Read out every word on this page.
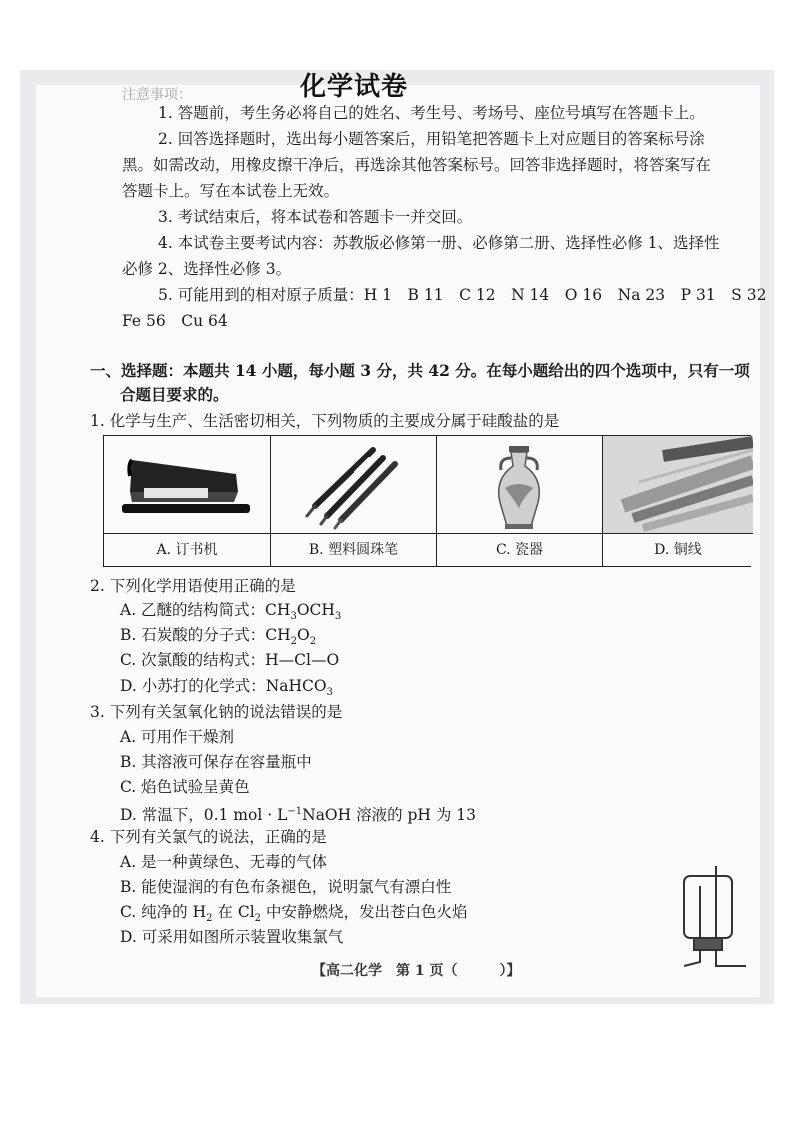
注意事项：	化学试卷
1. 答题前，考生务必将自己的姓名、考生号、考场号、座位号填写在答题卡上。
2. 回答选择题时，选出每小题答案后，用铅笔把答题卡上对应题目的答案标号涂
黑。如需改动，用橡皮擦干净后，再选涂其他答案标号。回答非选择题时，将答案写在
答题卡上。写在本试卷上无效。
3. 考试结束后，将本试卷和答题卡一并交回。
4. 本试卷主要考试内容：苏教版必修第一册、必修第二册、选择性必修 1、选择性
必修 2、选择性必修 3。
5. 可能用到的相对原子质量：H 1　B 11　C 12　N 14　O 16　Na 23　P 31　S 32
Fe 56　Cu 64
一、选择题：本题共 14 小题，每小题 3 分，共 42 分。在每小题给出的四个选项中，只有一项
合题目要求的。
1. 化学与生产、生活密切相关，下列物质的主要成分属于硅酸盐的是
A. 订书机	B. 塑料圆珠笔	C. 瓷器	D. 铜线
2. 下列化学用语使用正确的是
A. 乙醚的结构简式：$CH_3OCH_3$
B. 石炭酸的分子式：$CH_2O_2$
C. 次氯酸的结构式：H—Cl—O
D. 小苏打的化学式：NaHCO$_3$
3. 下列有关氢氧化钠的说法错误的是
A. 可用作干燥剂
B. 其溶液可保存在容量瓶中
C. 焰色试验呈黄色
D. 常温下，0.1 mol · $L^{-1}NaOH$ 溶液的 pH 为 13
4. 下列有关氯气的说法，正确的是
A. 是一种黄绿色、无毒的气体
B. 能使湿润的有色布条褪色，说明氯气有漂白性
C. 纯净的 $H_2$ 在 $Cl_2$ 中安静燃烧，发出苍白色火焰
D. 可采用如图所示装置收集氯气
【高二化学　第 1 页（　　　）】
